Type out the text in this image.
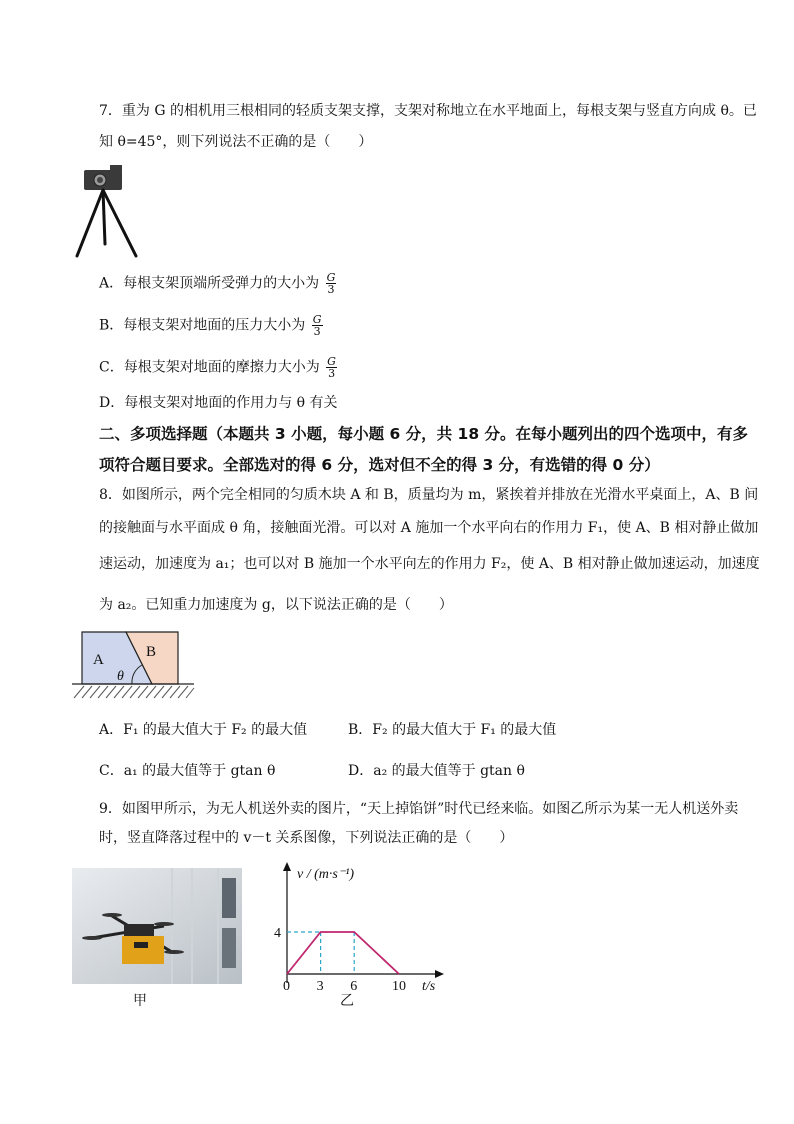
7．重为 G 的相机用三根相同的轻质支架支撑，支架对称地立在水平地面上，每根支架与竖直方向成 θ。已
知 θ=45°，则下列说法不正确的是（　　）
A．每根支架顶端所受弹力的大小为 $\frac{G}{3}$
B．每根支架对地面的压力大小为 $\frac{G}{3}$
C．每根支架对地面的摩擦力大小为 $\frac{G}{3}$
D．每根支架对地面的作用力与 θ 有关
二、多项选择题（本题共 3 小题，每小题 6 分，共 18 分。在每小题列出的四个选项中，有多
项符合题目要求。全部选对的得 6 分，选对但不全的得 3 分，有选错的得 0 分）
8．如图所示，两个完全相同的匀质木块 A 和 B，质量均为 m，紧挨着并排放在光滑水平桌面上，A、B 间
的接触面与水平面成 θ 角，接触面光滑。可以对 A 施加一个水平向右的作用力 F₁，使 A、B 相对静止做加
速运动，加速度为 a₁；也可以对 B 施加一个水平向左的作用力 F₂，使 A、B 相对静止做加速运动，加速度
为 a₂。已知重力加速度为 g，以下说法正确的是（　　）
A	B
θ
A．F₁ 的最大值大于 F₂ 的最大值	B．F₂ 的最大值大于 F₁ 的最大值
C．a₁ 的最大值等于 gtan θ	D．a₂ 的最大值等于 gtan θ
9．如图甲所示，为无人机送外卖的图片，“天上掉馅饼”时代已经来临。如图乙所示为某一无人机送外卖
时，竖直降落过程中的 v－t 关系图像，下列说法正确的是（　　）
甲
v / (m·s⁻¹)
t/s
0 3 6 10
4
乙
